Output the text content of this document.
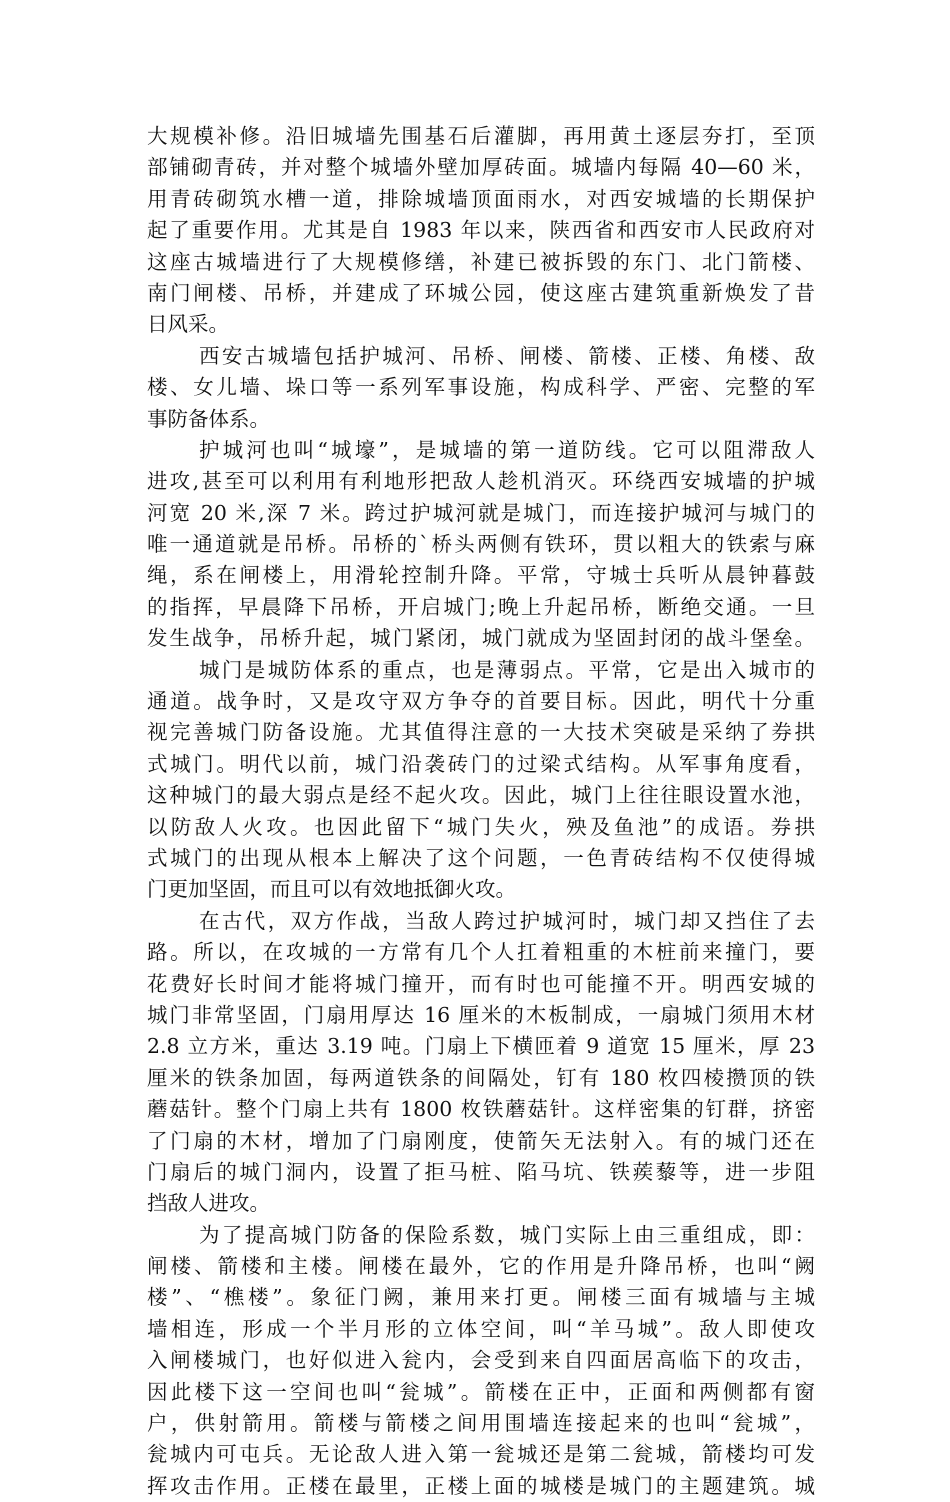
大规模补修。沿旧城墙先围基石后灌脚，再用黄土逐层夯打，至顶
部铺砌青砖，并对整个城墙外壁加厚砖面。城墙内每隔 40—60 米，
用青砖砌筑水槽一道，排除城墙顶面雨水，对西安城墙的长期保护
起了重要作用。尤其是自 1983 年以来，陕西省和西安市人民政府对
这座古城墙进行了大规模修缮，补建已被拆毁的东门、北门箭楼、
南门闸楼、吊桥，并建成了环城公园，使这座古建筑重新焕发了昔
日风采。
西安古城墙包括护城河、吊桥、闸楼、箭楼、正楼、角楼、敌
楼、女儿墙、垛口等一系列军事设施，构成科学、严密、完整的军
事防备体系。
护城河也叫“城壕”，是城墙的第一道防线。它可以阻滞敌人
进攻,甚至可以利用有利地形把敌人趁机消灭。环绕西安城墙的护城
河宽 20 米,深 7 米。跨过护城河就是城门，而连接护城河与城门的
唯一通道就是吊桥。吊桥的`桥头两侧有铁环，贯以粗大的铁索与麻
绳，系在闸楼上，用滑轮控制升降。平常，守城士兵听从晨钟暮鼓
的指挥，早晨降下吊桥，开启城门;晚上升起吊桥，断绝交通。一旦
发生战争，吊桥升起，城门紧闭，城门就成为坚固封闭的战斗堡垒。
城门是城防体系的重点，也是薄弱点。平常，它是出入城市的
通道。战争时，又是攻守双方争夺的首要目标。因此，明代十分重
视完善城门防备设施。尤其值得注意的一大技术突破是采纳了券拱
式城门。明代以前，城门沿袭砖门的过梁式结构。从军事角度看，
这种城门的最大弱点是经不起火攻。因此，城门上往往眼设置水池，
以防敌人火攻。也因此留下“城门失火，殃及鱼池”的成语。券拱
式城门的出现从根本上解决了这个问题，一色青砖结构不仅使得城
门更加坚固，而且可以有效地抵御火攻。
在古代，双方作战，当敌人跨过护城河时，城门却又挡住了去
路。所以，在攻城的一方常有几个人扛着粗重的木桩前来撞门，要
花费好长时间才能将城门撞开，而有时也可能撞不开。明西安城的
城门非常坚固，门扇用厚达 16 厘米的木板制成，一扇城门须用木材
2.8 立方米，重达 3.19 吨。门扇上下横匝着 9 道宽 15 厘米，厚 23
厘米的铁条加固，每两道铁条的间隔处，钉有 180 枚四棱攒顶的铁
蘑菇针。整个门扇上共有 1800 枚铁蘑菇针。这样密集的钉群，挤密
了门扇的木材，增加了门扇刚度，使箭矢无法射入。有的城门还在
门扇后的城门洞内，设置了拒马桩、陷马坑、铁蒺藜等，进一步阻
挡敌人进攻。
为了提高城门防备的保险系数，城门实际上由三重组成，即：
闸楼、箭楼和主楼。闸楼在最外，它的作用是升降吊桥，也叫“阙
楼”、“樵楼”。象征门阙，兼用来打更。闸楼三面有城墙与主城
墙相连，形成一个半月形的立体空间，叫“羊马城”。敌人即使攻
入闸楼城门，也好似进入瓮内，会受到来自四面居高临下的攻击，
因此楼下这一空间也叫“瓮城”。箭楼在正中，正面和两侧都有窗
户，供射箭用。箭楼与箭楼之间用围墙连接起来的也叫“瓮城”，
瓮城内可屯兵。无论敌人进入第一瓮城还是第二瓮城，箭楼均可发
挥攻击作用。正楼在最里，正楼上面的城楼是城门的主题建筑。城
